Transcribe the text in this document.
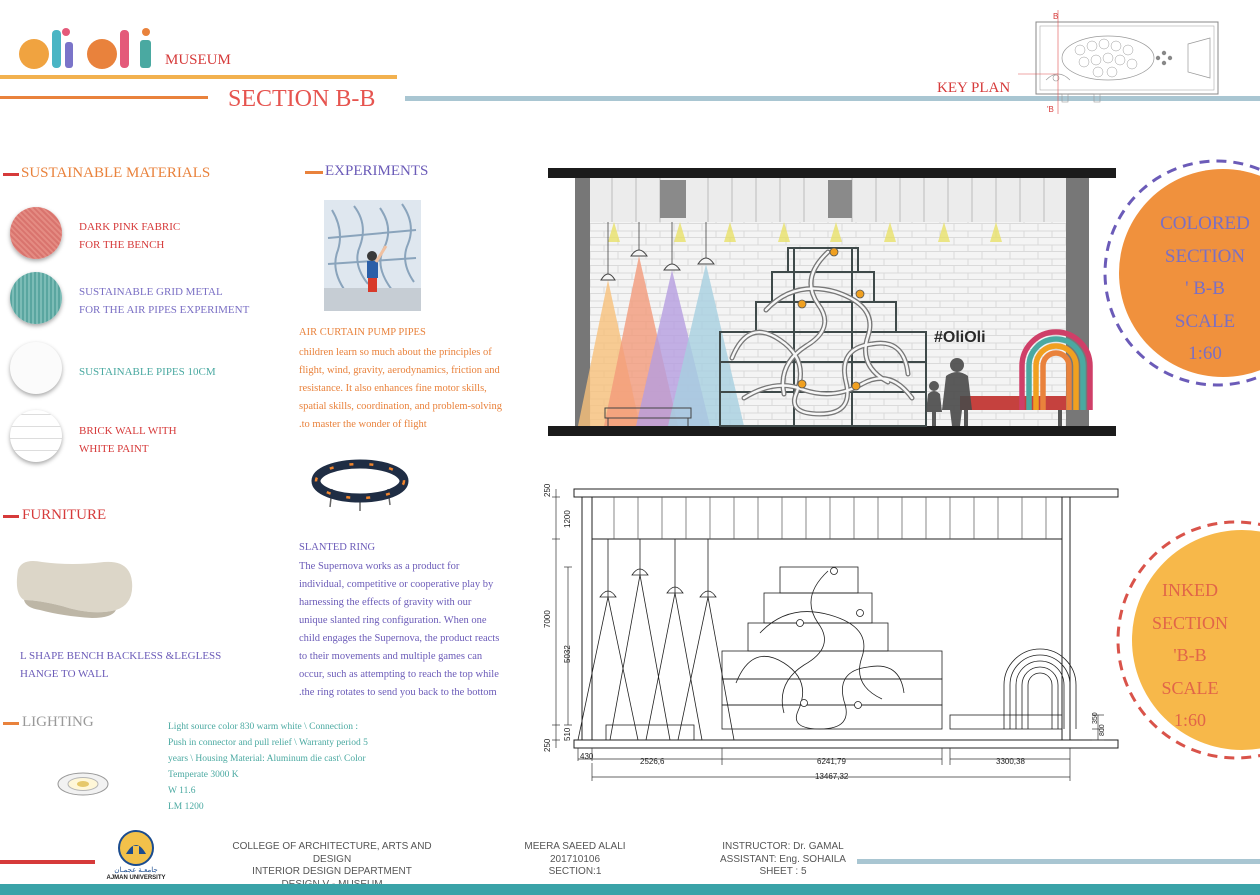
MUSEUM
SECTION B-B	KEY PLAN
B
'B
SUSTAINABLE MATERIALS
DARK PINK FABRIC
FOR THE BENCH
SUSTAINABLE GRID METAL
FOR THE AIR PIPES EXPERIMENT
SUSTAINABLE PIPES 10CM
BRICK WALL WITH
WHITE PAINT
FURNITURE
L SHAPE BENCH BACKLESS &LEGLESS
HANGE TO WALL
LIGHTING	Light source color 830 warm white \ Connection :
Push in connector and pull relief \ Warranty period 5
years \ Housing Material: Aluminum die cast\ Color
Temperate 3000 K
W 11.6
LM 1200
EXPERIMENTS
AIR CURTAIN PUMP PIPES
children learn so much about the principles of
flight, wind, gravity, aerodynamics, friction and
resistance. It also enhances fine motor skills,
spatial skills, coordination, and problem-solving
.to master the wonder of flight
SLANTED RING
The Supernova works as a product for
individual, competitive or cooperative play by
harnessing the effects of gravity with our
unique slanted ring configuration. When one
child engages the Supernova, the product reacts
to their movements and multiple games can
occur, such as attempting to reach the top while
.the ring rotates to send you back to the bottom
#OliOli
COLORED
SECTION
' B-B
SCALE
1:60
250
1200
7000
5032
510
250
430
2526,6	6241,79	3300,38
13467,32
350
800
INKED
SECTION
'B-B
SCALE
1:60
جامعـة عجمـان
AJMAN UNIVERSITY
COLLEGE OF ARCHITECTURE, ARTS AND DESIGN
INTERIOR DESIGN DEPARTMENT
MEERA SAEED ALALI
201710106
SECTION:1
INSTRUCTOR: Dr. GAMAL
ASSISTANT: Eng. SOHAILA
SHEET : 5
